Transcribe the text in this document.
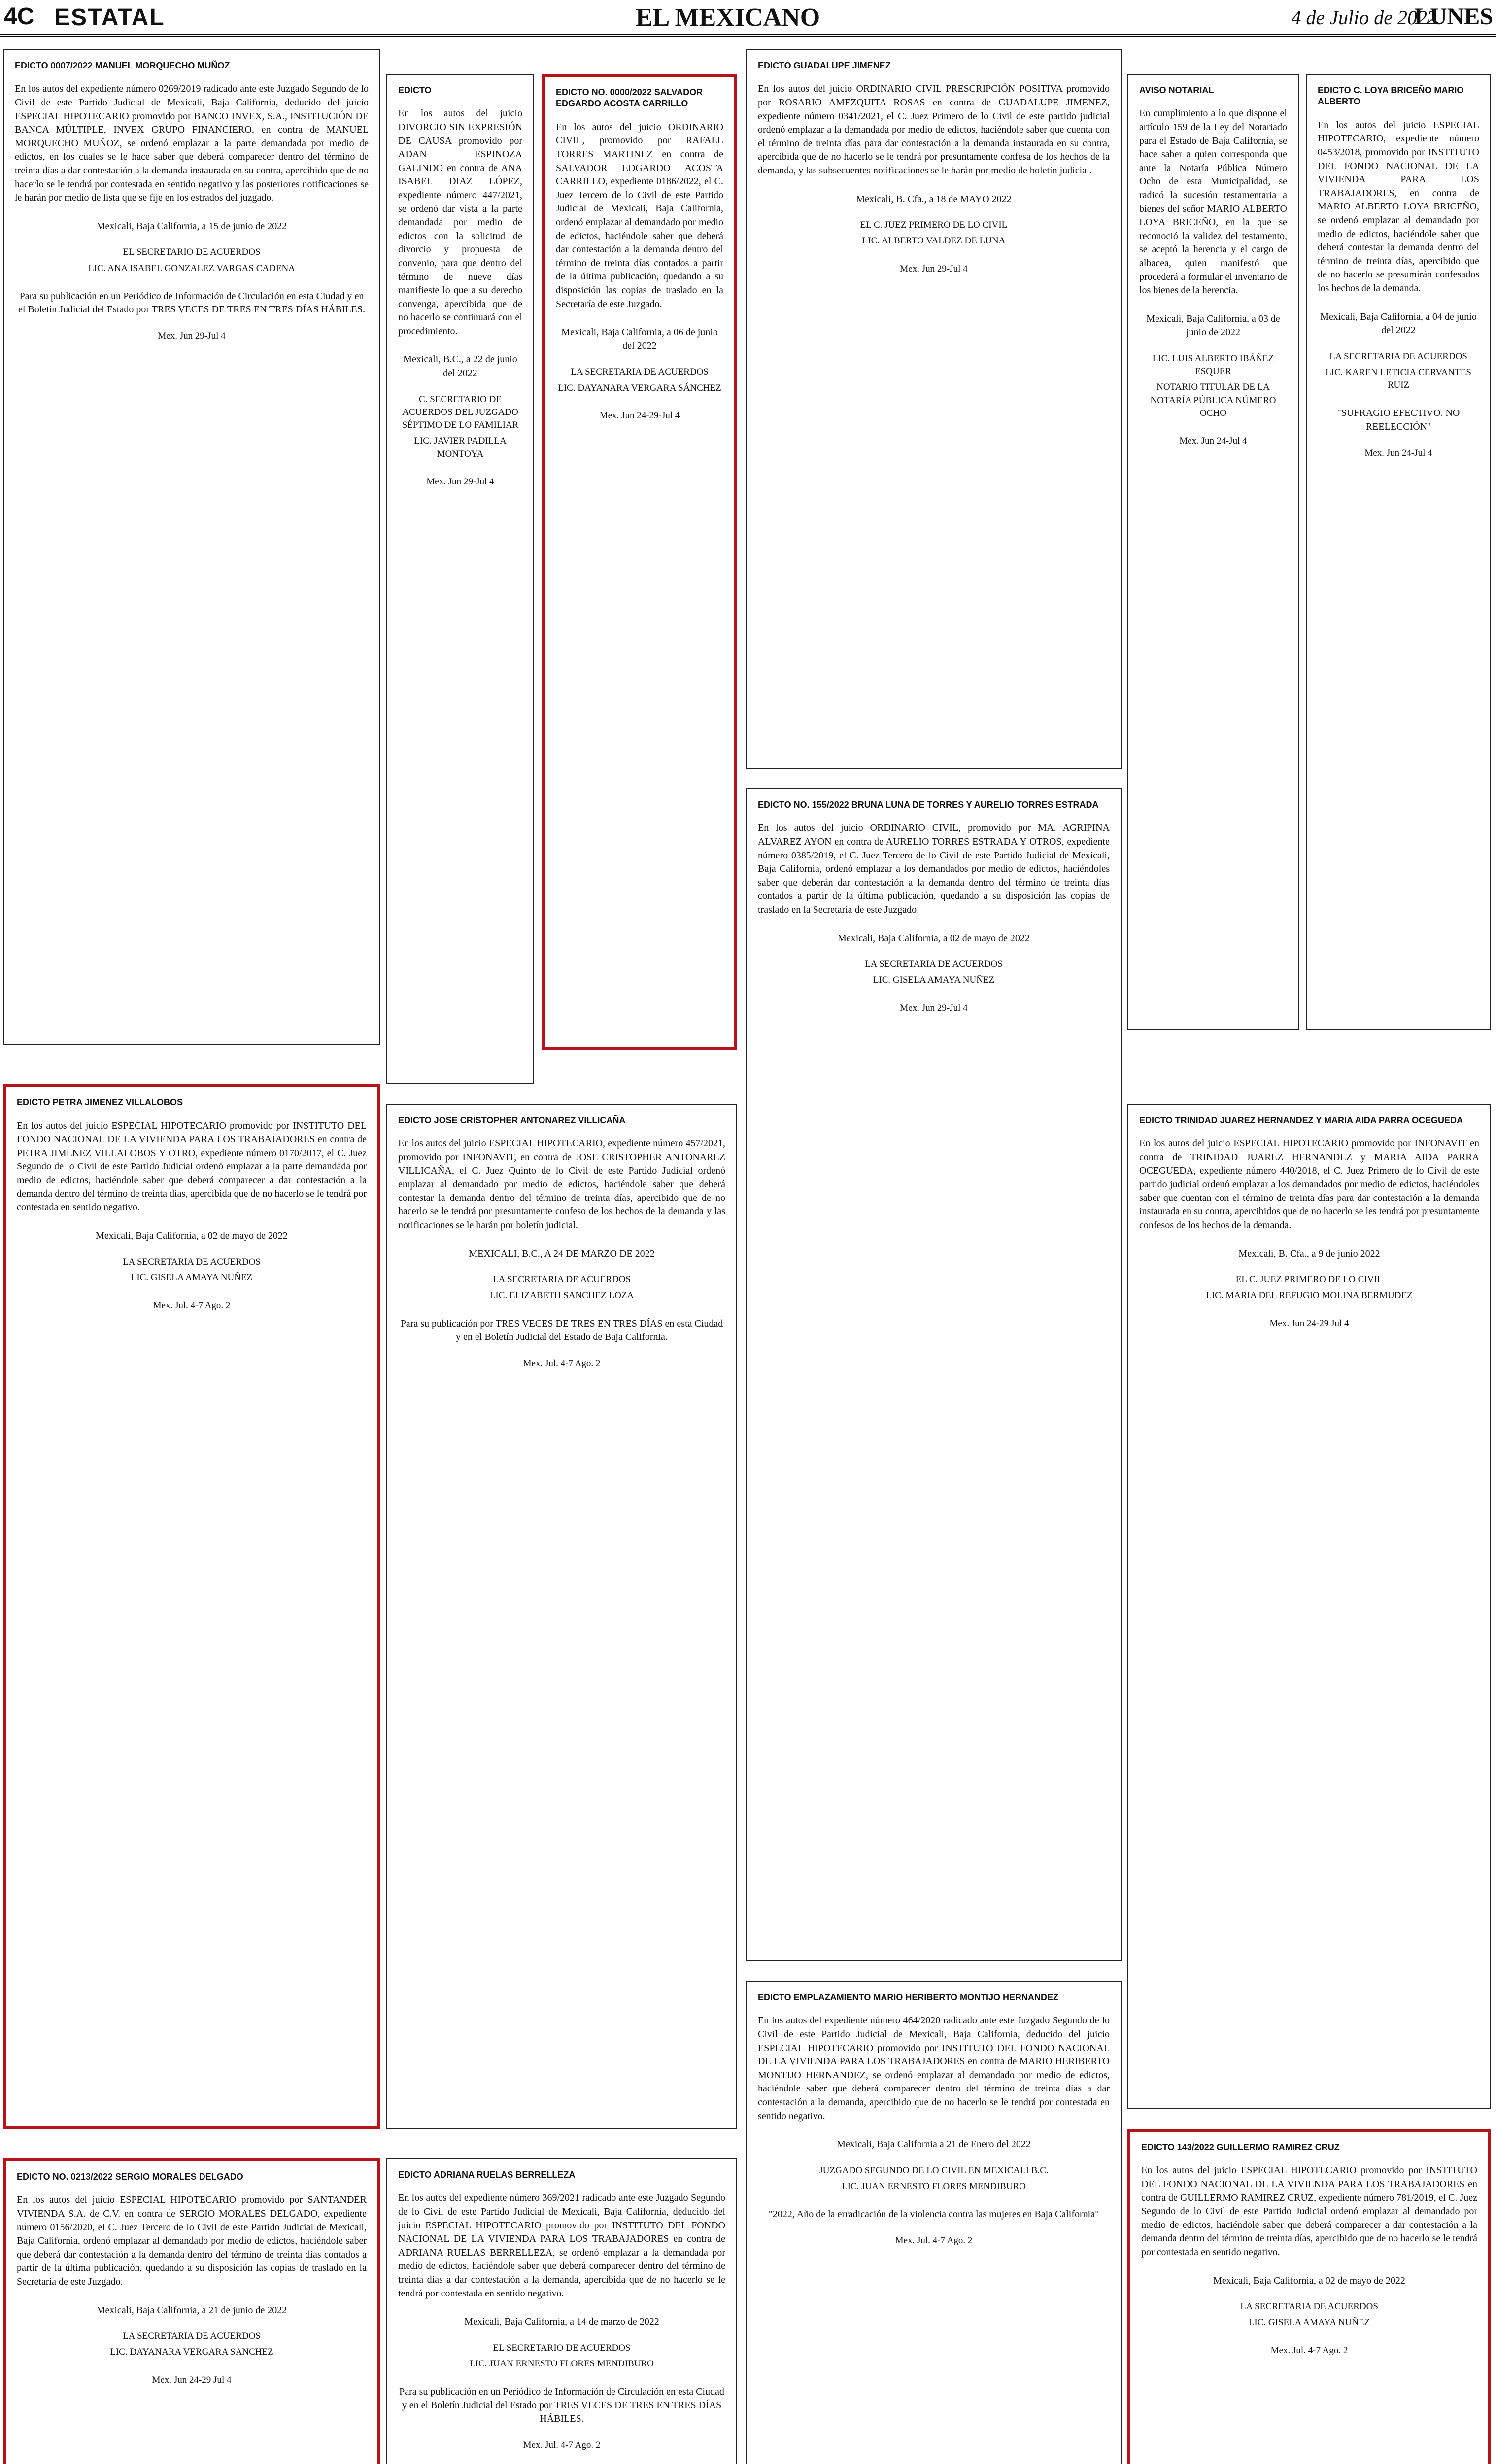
4C ESTATAL	EL MEXICANO	4 de Julio de 2022
LUNES
EDICTO 0007/2022 MANUEL MORQUECHO MUÑOZ

En los autos del expediente número 0269/2019 radicado ante este Juzgado Segundo de lo Civil de este Partido Judicial de Mexicali, Baja California, deducido del juicio ESPECIAL HIPOTECARIO promovido por BANCO INVEX, S.A., INSTITUCIÓN DE BANCA MÚLTIPLE, INVEX GRUPO FINANCIERO, en contra de MANUEL MORQUECHO MUÑOZ, se ordenó emplazar a la parte demandada por medio de edictos, en los cuales se le hace saber que deberá comparecer dentro del término de treinta días a dar contestación a la demanda instaurada en su contra, apercibido que de no hacerlo se le tendrá por contestada en sentido negativo y las posteriores notificaciones se le harán por medio de lista que se fije en los estrados del juzgado.

Mexicali, Baja California, a 15 de junio de 2022
EL SECRETARIO DE ACUERDOS
LIC. ANA ISABEL GONZALEZ VARGAS CADENA
Para su publicación en un Periódico de Información de Circulación en esta Ciudad y en el Boletín Judicial del Estado por TRES VECES DE TRES EN TRES DÍAS HÁBILES.
Mex. Jun 29-Jul 4
EDICTO

En los autos del juicio DIVORCIO SIN EXPRESIÓN DE CAUSA promovido por ADAN ESPINOZA GALINDO en contra de ANA ISABEL DIAZ LÓPEZ, expediente número 447/2021, se ordenó dar vista a la parte demandada por medio de edictos con la solicitud de divorcio y propuesta de convenio, para que dentro del término de nueve días manifieste lo que a su derecho convenga, apercibida que de no hacerlo se continuará con el procedimiento.

Mexicali, B.C., a 22 de junio del 2022
C. SECRETARIO DE ACUERDOS DEL JUZGADO SÉPTIMO DE LO FAMILIAR
LIC. JAVIER PADILLA MONTOYA
Mex. Jun 29-Jul 4
EDICTO NO. 0000/2022 SALVADOR EDGARDO ACOSTA CARRILLO

En los autos del juicio ORDINARIO CIVIL, promovido por RAFAEL TORRES MARTINEZ en contra de SALVADOR EDGARDO ACOSTA CARRILLO, expediente 0186/2022, el C. Juez Tercero de lo Civil de este Partido Judicial de Mexicali, Baja California, ordenó emplazar al demandado por medio de edictos, haciéndole saber que deberá dar contestación a la demanda dentro del término de treinta días contados a partir de la última publicación, quedando a su disposición las copias de traslado en la Secretaría de este Juzgado.

Mexicali, Baja California, a 06 de junio del 2022
LA SECRETARIA DE ACUERDOS
LIC. DAYANARA VERGARA SÁNCHEZ
Mex. Jun 24-29-Jul 4
EDICTO GUADALUPE JIMENEZ

En los autos del juicio ORDINARIO CIVIL PRESCRIPCIÓN POSITIVA promovido por ROSARIO AMEZQUITA ROSAS en contra de GUADALUPE JIMENEZ, expediente número 0341/2021, el C. Juez Primero de lo Civil de este partido judicial ordenó emplazar a la demandada por medio de edictos, haciéndole saber que cuenta con el término de treinta días para dar contestación a la demanda instaurada en su contra, apercibida que de no hacerlo se le tendrá por presuntamente confesa de los hechos de la demanda, y las subsecuentes notificaciones se le harán por medio de boletín judicial.

Mexicali, B. Cfa., a 18 de MAYO 2022
EL C. JUEZ PRIMERO DE LO CIVIL
LIC. ALBERTO VALDEZ DE LUNA
Mex. Jun 29-Jul 4
AVISO NOTARIAL

En cumplimiento a lo que dispone el artículo 159 de la Ley del Notariado para el Estado de Baja California, se hace saber a quien corresponda que ante la Notaría Pública Número Ocho de esta Municipalidad, se radicó la sucesión testamentaria a bienes del señor MARIO ALBERTO LOYA BRICEÑO, en la que se reconoció la validez del testamento, se aceptó la herencia y el cargo de albacea, quien manifestó que procederá a formular el inventario de los bienes de la herencia.

Mexicali, Baja California, a 03 de junio de 2022
LIC. LUIS ALBERTO IBÁÑEZ ESQUER
NOTARIO TITULAR DE LA NOTARÍA PÚBLICA NÚMERO OCHO
Mex. Jun 24-Jul 4
EDICTO C. LOYA BRICEÑO MARIO ALBERTO

En los autos del juicio ESPECIAL HIPOTECARIO, expediente número 0453/2018, promovido por INSTITUTO DEL FONDO NACIONAL DE LA VIVIENDA PARA LOS TRABAJADORES, en contra de MARIO ALBERTO LOYA BRICEÑO, se ordenó emplazar al demandado por medio de edictos, haciéndole saber que deberá contestar la demanda dentro del término de treinta días, apercibido que de no hacerlo se presumirán confesados los hechos de la demanda.

Mexicali, Baja California, a 04 de junio del 2022
LA SECRETARIA DE ACUERDOS
LIC. KAREN LETICIA CERVANTES RUIZ
"SUFRAGIO EFECTIVO. NO REELECCIÓN"
Mex. Jun 24-Jul 4
EDICTO NO. 155/2022 BRUNA LUNA DE TORRES Y AURELIO TORRES ESTRADA

En los autos del juicio ORDINARIO CIVIL, promovido por MA. AGRIPINA ALVAREZ AYON en contra de AURELIO TORRES ESTRADA Y OTROS, expediente número 0385/2019, el C. Juez Tercero de lo Civil de este Partido Judicial de Mexicali, Baja California, ordenó emplazar a los demandados por medio de edictos, haciéndoles saber que deberán dar contestación a la demanda dentro del término de treinta días contados a partir de la última publicación, quedando a su disposición las copias de traslado en la Secretaría de este Juzgado.

Mexicali, Baja California, a 02 de mayo de 2022
LA SECRETARIA DE ACUERDOS
LIC. GISELA AMAYA NUÑEZ
Mex. Jun 29-Jul 4
EDICTO PETRA JIMENEZ VILLALOBOS

En los autos del juicio ESPECIAL HIPOTECARIO promovido por INSTITUTO DEL FONDO NACIONAL DE LA VIVIENDA PARA LOS TRABAJADORES en contra de PETRA JIMENEZ VILLALOBOS Y OTRO, expediente número 0170/2017, el C. Juez Segundo de lo Civil de este Partido Judicial ordenó emplazar a la parte demandada por medio de edictos, haciéndole saber que deberá comparecer a dar contestación a la demanda dentro del término de treinta días, apercibida que de no hacerlo se le tendrá por contestada en sentido negativo.

Mexicali, Baja California, a 02 de mayo de 2022
LA SECRETARIA DE ACUERDOS
LIC. GISELA AMAYA NUÑEZ
Mex. Jul. 4-7 Ago. 2
EDICTO JOSE CRISTOPHER ANTONAREZ VILLICAÑA

En los autos del juicio ESPECIAL HIPOTECARIO, expediente número 457/2021, promovido por INFONAVIT, en contra de JOSE CRISTOPHER ANTONAREZ VILLICAÑA, el C. Juez Quinto de lo Civil de este Partido Judicial ordenó emplazar al demandado por medio de edictos, haciéndole saber que deberá contestar la demanda dentro del término de treinta días, apercibido que de no hacerlo se le tendrá por presuntamente confeso de los hechos de la demanda y las notificaciones se le harán por boletín judicial.

MEXICALI, B.C., A 24 DE MARZO DE 2022
LA SECRETARIA DE ACUERDOS
LIC. ELIZABETH SANCHEZ LOZA
Para su publicación por TRES VECES DE TRES EN TRES DÍAS en esta Ciudad y en el Boletín Judicial del Estado de Baja California.
Mex. Jul. 4-7 Ago. 2
EDICTO TRINIDAD JUAREZ HERNANDEZ Y MARIA AIDA PARRA OCEGUEDA

En los autos del juicio ESPECIAL HIPOTECARIO promovido por INFONAVIT en contra de TRINIDAD JUAREZ HERNANDEZ y MARIA AIDA PARRA OCEGUEDA, expediente número 440/2018, el C. Juez Primero de lo Civil de este partido judicial ordenó emplazar a los demandados por medio de edictos, haciéndoles saber que cuentan con el término de treinta días para dar contestación a la demanda instaurada en su contra, apercibidos que de no hacerlo se les tendrá por presuntamente confesos de los hechos de la demanda.

Mexicali, B. Cfa., a 9 de junio 2022
EL C. JUEZ PRIMERO DE LO CIVIL
LIC. MARIA DEL REFUGIO MOLINA BERMUDEZ
Mex. Jun 24-29 Jul 4
EDICTO EMPLAZAMIENTO MARIO HERIBERTO MONTIJO HERNANDEZ

En los autos del expediente número 464/2020 radicado ante este Juzgado Segundo de lo Civil de este Partido Judicial de Mexicali, Baja California, deducido del juicio ESPECIAL HIPOTECARIO promovido por INSTITUTO DEL FONDO NACIONAL DE LA VIVIENDA PARA LOS TRABAJADORES en contra de MARIO HERIBERTO MONTIJO HERNANDEZ, se ordenó emplazar al demandado por medio de edictos, haciéndole saber que deberá comparecer dentro del término de treinta días a dar contestación a la demanda, apercibido que de no hacerlo se le tendrá por contestada en sentido negativo.

Mexicali, Baja California a 21 de Enero del 2022
JUZGADO SEGUNDO DE LO CIVIL EN MEXICALI B.C.
LIC. JUAN ERNESTO FLORES MENDIBURO
"2022, Año de la erradicación de la violencia contra las mujeres en Baja California"
Mex. Jul. 4-7 Ago. 2
EDICTO NO. 0213/2022 SERGIO MORALES DELGADO

En los autos del juicio ESPECIAL HIPOTECARIO promovido por SANTANDER VIVIENDA S.A. de C.V. en contra de SERGIO MORALES DELGADO, expediente número 0156/2020, el C. Juez Tercero de lo Civil de este Partido Judicial de Mexicali, Baja California, ordenó emplazar al demandado por medio de edictos, haciéndole saber que deberá dar contestación a la demanda dentro del término de treinta días contados a partir de la última publicación, quedando a su disposición las copias de traslado en la Secretaría de este Juzgado.

Mexicali, Baja California, a 21 de junio de 2022
LA SECRETARIA DE ACUERDOS
LIC. DAYANARA VERGARA SANCHEZ
Mex. Jun 24-29 Jul 4
EDICTO ADRIANA RUELAS BERRELLEZA

En los autos del expediente número 369/2021 radicado ante este Juzgado Segundo de lo Civil de este Partido Judicial de Mexicali, Baja California, deducido del juicio ESPECIAL HIPOTECARIO promovido por INSTITUTO DEL FONDO NACIONAL DE LA VIVIENDA PARA LOS TRABAJADORES en contra de ADRIANA RUELAS BERRELLEZA, se ordenó emplazar a la demandada por medio de edictos, haciéndole saber que deberá comparecer dentro del término de treinta días a dar contestación a la demanda, apercibida que de no hacerlo se le tendrá por contestada en sentido negativo.

Mexicali, Baja California, a 14 de marzo de 2022
EL SECRETARIO DE ACUERDOS
LIC. JUAN ERNESTO FLORES MENDIBURO
Para su publicación en un Periódico de Información de Circulación en esta Ciudad y en el Boletín Judicial del Estado por TRES VECES DE TRES EN TRES DÍAS HÁBILES.
Mex. Jul. 4-7 Ago. 2
EDICTO 143/2022 GUILLERMO RAMIREZ CRUZ

En los autos del juicio ESPECIAL HIPOTECARIO promovido por INSTITUTO DEL FONDO NACIONAL DE LA VIVIENDA PARA LOS TRABAJADORES en contra de GUILLERMO RAMIREZ CRUZ, expediente número 781/2019, el C. Juez Segundo de lo Civil de este Partido Judicial ordenó emplazar al demandado por medio de edictos, haciéndole saber que deberá comparecer a dar contestación a la demanda dentro del término de treinta días, apercibido que de no hacerlo se le tendrá por contestada en sentido negativo.

Mexicali, Baja California, a 02 de mayo de 2022
LA SECRETARIA DE ACUERDOS
LIC. GISELA AMAYA NUÑEZ
Mex. Jul. 4-7 Ago. 2
